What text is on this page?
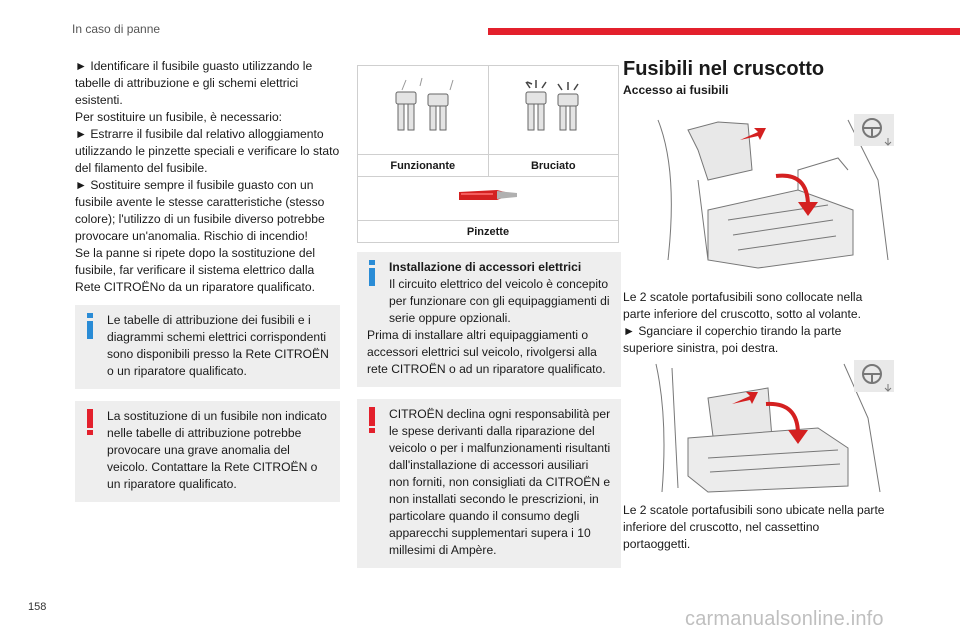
In caso di panne

► Identificare il fusibile guasto utilizzando le tabelle di attribuzione e gli schemi elettrici esistenti.

Per sostituire un fusibile, è necessario:

► Estrarre il fusibile dal relativo alloggiamento utilizzando le pinzette speciali e verificare lo stato del filamento del fusibile.

► Sostituire sempre il fusibile guasto con un fusibile avente le stesse caratteristiche (stesso colore); l'utilizzo di un fusibile diverso potrebbe provocare un'anomalia. Rischio di incendio!

Se la panne si ripete dopo la sostituzione del fusibile, far verificare il sistema elettrico dalla Rete CITROËNo da un riparatore qualificato.

Le tabelle di attribuzione dei fusibili e i diagrammi schemi elettrici corrispondenti sono disponibili presso la Rete CITROËN o un riparatore qualificato.
La sostituzione di un fusibile non indicato nelle tabelle di attribuzione potrebbe provocare una grave anomalia del veicolo. Contattare la Rete CITROËN o un riparatore qualificato.

Funzionante	Bruciato

Pinzette	
Installazione di accessori elettrici
Il circuito elettrico del veicolo è concepito per funzionare con gli equipaggiamenti di serie oppure opzionali.
Prima di installare altri equipaggiamenti o accessori elettrici sul veicolo, rivolgersi alla rete CITROËN o ad un riparatore qualificato.
CITROËN declina ogni responsabilità per le spese derivanti dalla riparazione del veicolo o per i malfunzionamenti risultanti dall'installazione di accessori ausiliari non forniti, non consigliati da CITROËN e non installati secondo le prescrizioni, in particolare quando il consumo degli apparecchi supplementari supera i 10 millesimi di Ampère.
Fusibili nel cruscotto

Accesso ai fusibili

Le 2 scatole portafusibili sono collocate nella parte inferiore del cruscotto, sotto al volante.

► Sganciare il coperchio tirando la parte superiore sinistra, poi destra.

Le 2 scatole portafusibili sono ubicate nella parte inferiore del cruscotto, nel cassettino portaoggetti.

158
carmanualsonline.info
